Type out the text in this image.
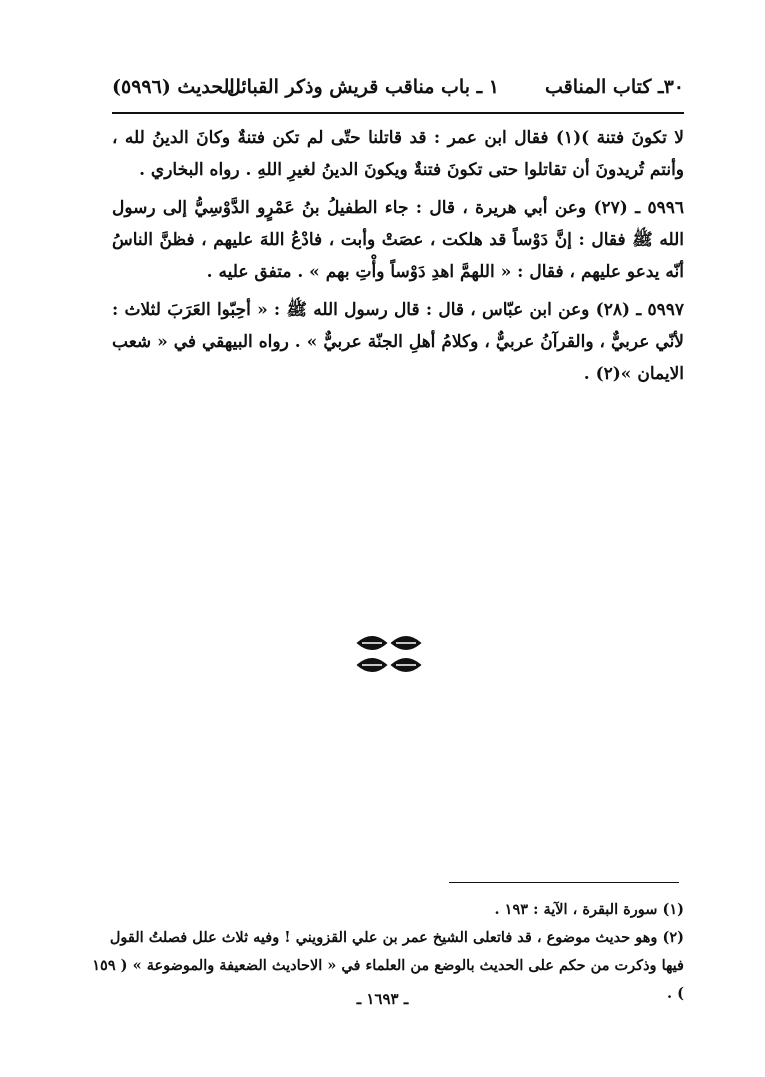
٣٠ـ كتاب المناقب
١ ـ باب مناقب قريش وذكر القبائل
الحديث (٥٩٩٦)

لا تكونَ فتنة )(١) فقال ابن عمر : قد قاتلنا حتّى لم تكن فتنةٌ وكانَ الدينُ لله ، وأنتم تُريدونَ أن تقاتلوا حتى تكونَ فتنةٌ ويكونَ الدينُ لغيرِ اللهِ . رواه البخاري .

٥٩٩٦ ـ (٢٧) وعن أبي هريرة ، قال : جاء الطفيلُ بنُ عَمْرٍو الدَّوْسِيُّ إلى رسول الله ﷺ فقال : إنَّ دَوْساً قد هلكت ، عصَتْ وأبت ، فادْعُ اللهَ عليهم ، فظنَّ الناسُ أنّه يدعو عليهم ، فقال : « اللهمَّ اهدِ دَوْساً وأْتِ بهم » . متفق عليه .

٥٩٩٧ ـ (٢٨) وعن ابن عبّاس ، قال : قال رسول الله ﷺ : « أحِبّوا العَرَبَ لثلاث : لأنّي عربيٌّ ، والقرآنُ عربيٌّ ، وكلامُ أهلِ الجنّة عربيٌّ » . رواه البيهقي في « شعب الايمان »(٢) .

(١) سورة البقرة ، الآية : ١٩٣ .

(٢) وهو حديث موضوع ، قد فاتعلى الشيخ عمر بن علي القزويني ! وفيه ثلاث علل فصلتُ القول فيها وذكرت من حكم على الحديث بالوضع من العلماء في « الاحاديث الضعيفة والموضوعة » ( ١٥٩ ) .

ـ ١٦٩٣ ـ
